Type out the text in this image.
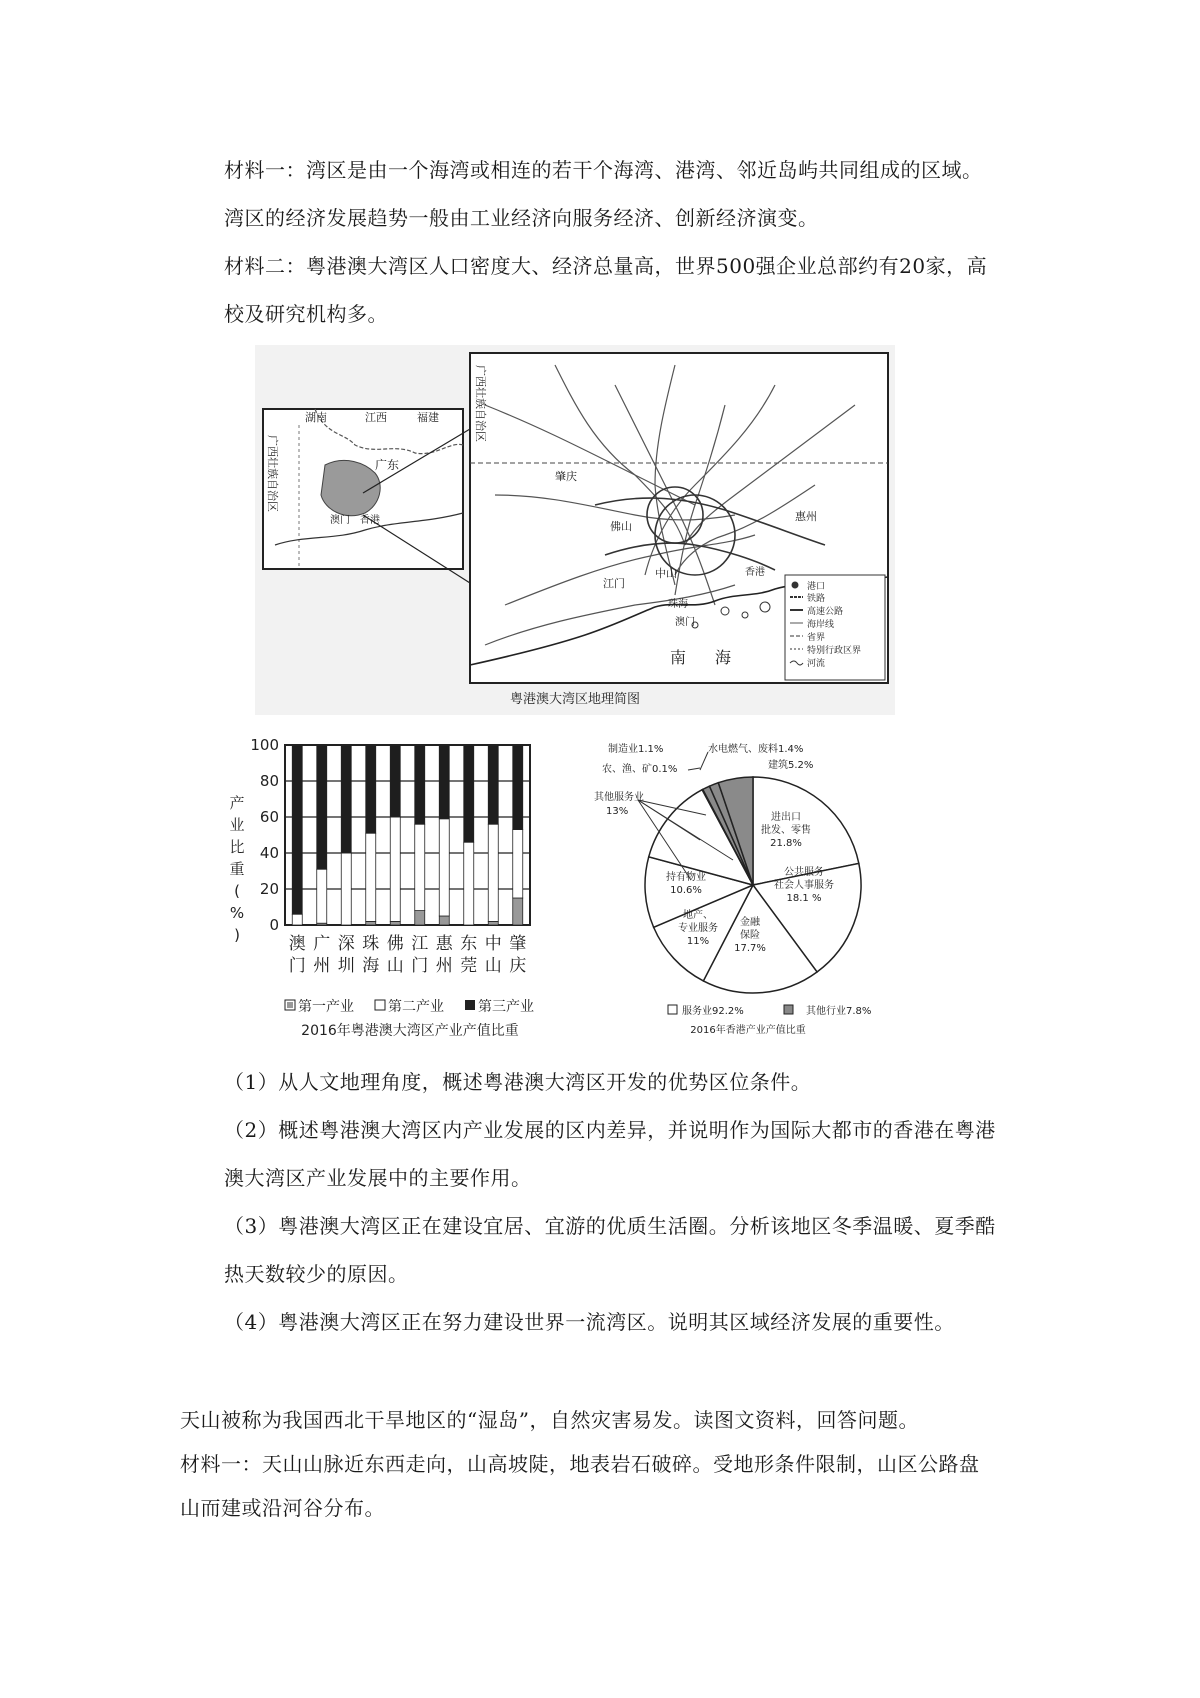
材料一：湾区是由一个海湾或相连的若干个海湾、港湾、邻近岛屿共同组成的区域。
湾区的经济发展趋势一般由工业经济向服务经济、创新经济演变。
材料二：粤港澳大湾区人口密度大、经济总量高，世界500强企业总部约有20家，高
校及研究机构多。
广西壮族自治区
湖南	江西	福建
广东
澳门 香港
广西壮族自治区
肇庆
佛山
江门
中山
珠海
澳门
香港
惠州
南 海
港口
铁路
高速公路
海岸线
省界
特别行政区界
河流
粤港澳大湾区地理简图
0
20
40
60
80
100
澳
门
广
州
深
圳
珠
海
佛
山
江
门
惠
州
东
莞
中
山
肇
庆
产
业
比
重
(
%
)
第一产业 第二产业 第三产业
2016年粤港澳大湾区产业产值比重
制造业1.1%	水电燃气、废料1.4%
建筑5.2%
农、渔、矿0.1%
其他服务业
13%
进出口
批发、零售
21.8%
公共服务
社会人事服务
18.1 %
金融
保险
17.7%
地产、
专业服务
11%
持有物业
10.6%
服务业92.2%	其他行业7.8%
2016年香港产业产值比重
（1）从人文地理角度，概述粤港澳大湾区开发的优势区位条件。
（2）概述粤港澳大湾区内产业发展的区内差异，并说明作为国际大都市的香港在粤港
澳大湾区产业发展中的主要作用。
（3）粤港澳大湾区正在建设宜居、宜游的优质生活圈。分析该地区冬季温暖、夏季酷
热天数较少的原因。
（4）粤港澳大湾区正在努力建设世界一流湾区。说明其区域经济发展的重要性。
天山被称为我国西北干旱地区的“湿岛”，自然灾害易发。读图文资料，回答问题。
材料一：天山山脉近东西走向，山高坡陡，地表岩石破碎。受地形条件限制，山区公路盘
山而建或沿河谷分布。
